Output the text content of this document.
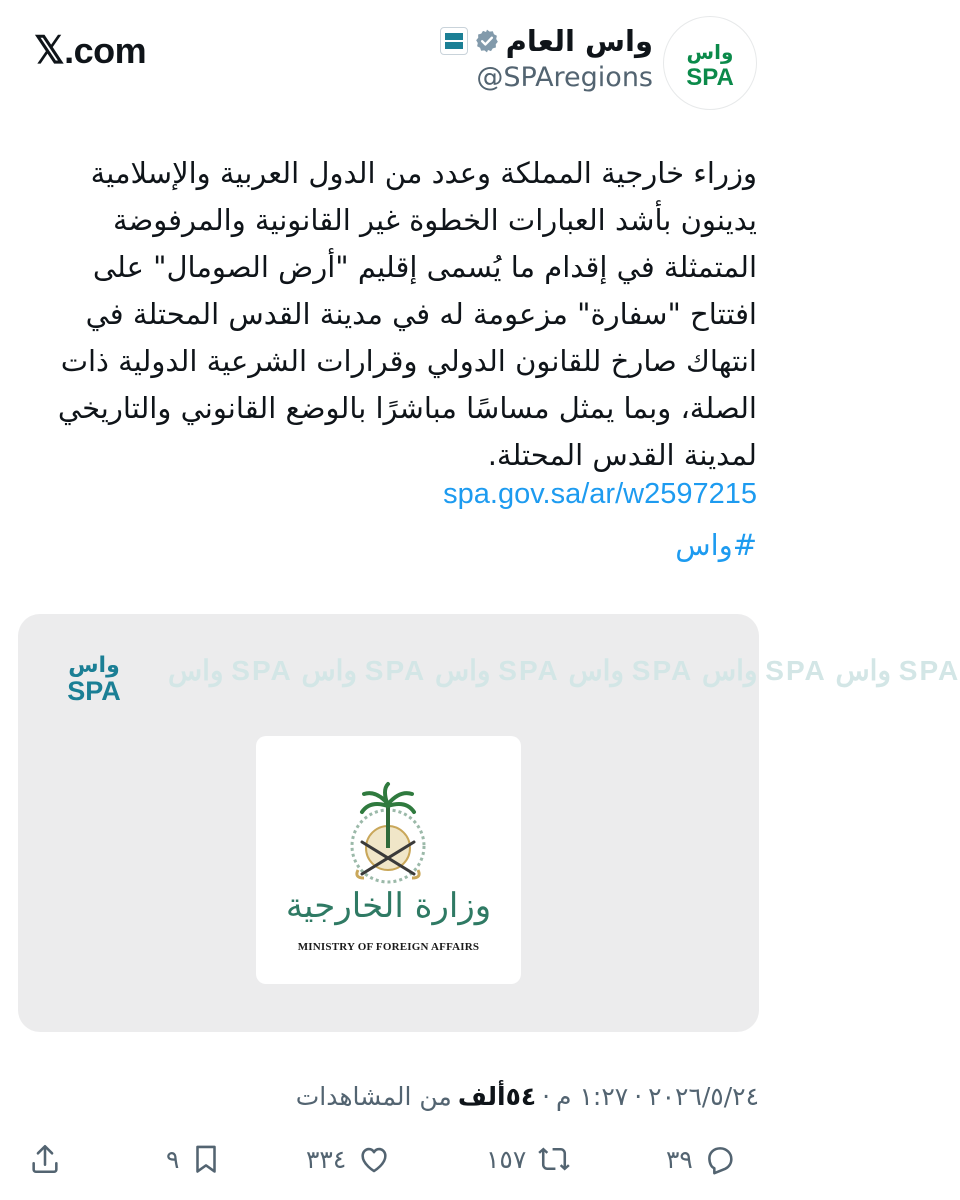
𝕏.com	واس
SPA
واس العام
@SPAregions

وزراء خارجية المملكة وعدد من الدول العربية والإسلامية
يدينون بأشد العبارات الخطوة غير القانونية والمرفوضة
المتمثلة في إقدام ما يُسمى إقليم "أرض الصومال" على
افتتاح "سفارة" مزعومة له في مدينة القدس المحتلة في
انتهاك صارخ للقانون الدولي وقرارات الشرعية الدولية ذات
الصلة، وبما يمثل مساسًا مباشرًا بالوضع القانوني والتاريخي
لمدينة القدس المحتلة.

spa.gov.sa/ar/w2597215
#واس
واس SPA واس SPA واس SPA واس SPA واس SPA واس SPA
واس
SPA
وزارة الخارجية
MINISTRY OF FOREIGN AFFAIRS
٢٠٢٦/٥/٢٤
·
١:٢٧ م
·
٥٤ألف
من المشاهدات
٣٩
١٥٧
٣٣٤
٩
